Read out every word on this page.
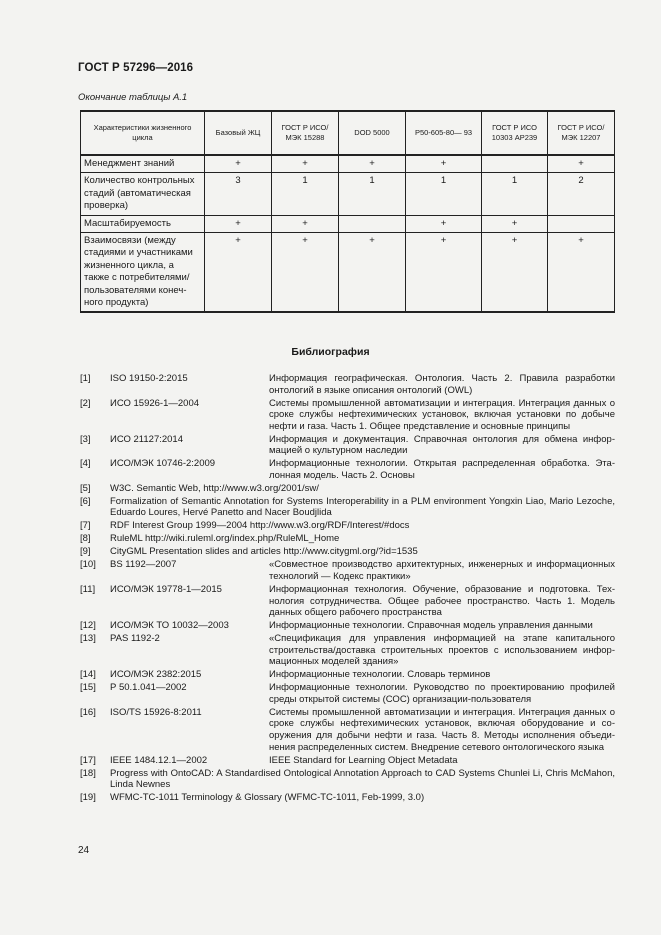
ГОСТ Р 57296—2016
Окончание таблицы А.1
Характеристики жизненного цикла	Базовый ЖЦ	ГОСТ Р ИСО/МЭК 15288	DOD 5000	Р50-605-80— 93	ГОСТ Р ИСО 10303 АР239	ГОСТ Р ИСО/МЭК 12207
Менеджмент знаний	+	+	+	+		+
Количество контрольных стадий (автоматическая проверка)	3	1	1	1	1	2
Масштабируемость	+	+		+	+	
Взаимосвязи (между стадиями и участниками жизненного цикла, а также с потребителями/ пользователями конечного продукта)	+	+	+	+	+	+
Библиография
[1]	ISO 19150-2:2015	Информация географическая. Онтология. Часть 2. Правила разработки онтологий в языке описания онтологий (OWL)
[2]	ИСО 15926-1—2004	Системы промышленной автоматизации и интеграция. Интеграция данных о сроке службы нефтехимических установок, включая установки по добыче нефти и газа. Часть 1. Общее представление и основные принципы
[3]	ИСО 21127:2014	Информация и документация. Справочная онтология для обмена информацией о культурном наследии
[4]	ИСО/МЭК 10746-2:2009	Информационные технологии. Открытая распределенная обработка. Эталонная модель. Часть 2. Основы
[5]	W3C. Semantic Web, http://www.w3.org/2001/sw/
[6]	Formalization of Semantic Annotation for Systems Interoperability in a PLM environment Yongxin Liao, Mario Lezoche, Eduardo Loures, Hervé Panetto and Nacer Boudjlida
[7]	RDF Interest Group 1999—2004 http://www.w3.org/RDF/Interest/#docs
[8]	RuleML http://wiki.ruleml.org/index.php/RuleML_Home
[9]	CityGML Presentation slides and articles http://www.citygml.org/?id=1535
[10]	BS 1192—2007	«Совместное производство архитектурных, инженерных и информационных технологий — Кодекс практики»
[11]	ИСО/МЭК 19778-1—2015	Информационная технология. Обучение, образование и подготовка. Технология сотрудничества. Общее рабочее пространство. Часть 1. Модель данных общего рабочего пространства
[12]	ИСО/МЭК ТО 10032—2003	Информационные технологии. Справочная модель управления данными
[13]	PAS 1192-2	«Спецификация для управления информацией на этапе капитального строительства/доставка строительных проектов с использованием информационных моделей здания»
[14]	ИСО/МЭК 2382:2015	Информационные технологии. Словарь терминов
[15]	Р 50.1.041—2002	Информационные технологии. Руководство по проектированию профилей среды открытой системы (СОС) организации-пользователя
[16]	ISO/TS 15926-8:2011	Системы промышленной автоматизации и интеграция. Интеграция данных о сроке службы нефтехимических установок, включая оборудование и сооружения для добычи нефти и газа. Часть 8. Методы исполнения объединения распределенных систем. Внедрение сетевого онтологического языка
[17]	IEEE 1484.12.1—2002	IEEE Standard for Learning Object Metadata
[18]	Progress with OntoCAD: A Standardised Ontological Annotation Approach to CAD Systems Chunlei Li, Chris McMahon, Linda Newnes
[19]	WFMC-TC-1011 Terminology & Glossary (WFMC-TC-1011, Feb-1999, 3.0)
24
